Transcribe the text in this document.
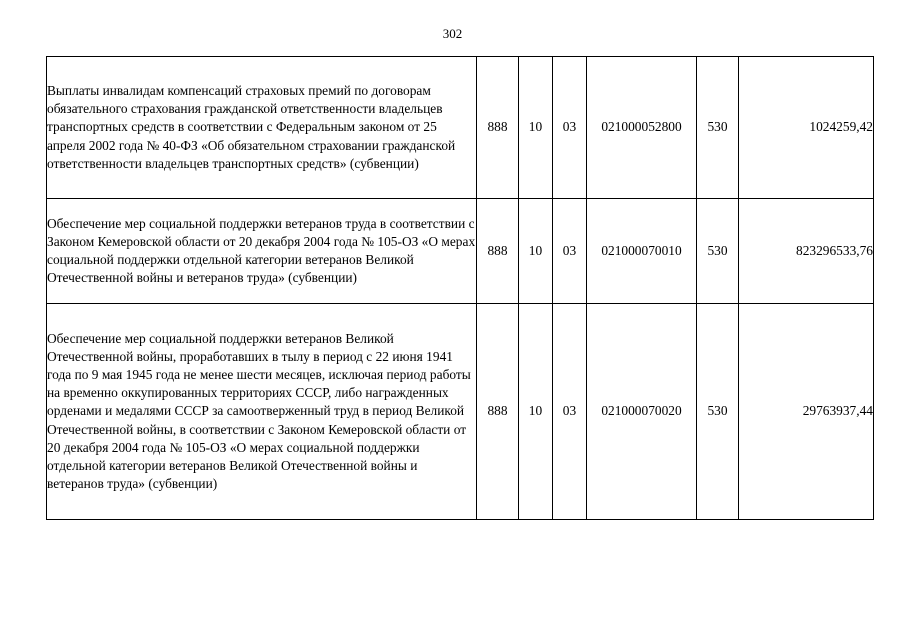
302
Выплаты инвалидам компенсаций страховых премий по договорам обязательного страхования гражданской ответственности владельцев транспортных средств в соответствии с Федеральным законом от 25 апреля 2002 года № 40-ФЗ «Об обязательном страховании гражданской ответственности владельцев транспортных средств» (субвенции)	888	10	03	021000052800	530	1024259,42
Обеспечение мер социальной поддержки ветеранов труда в соответствии с Законом Кемеровской области от 20 декабря 2004 года № 105-ОЗ «О мерах социальной поддержки отдельной категории ветеранов Великой Отечественной войны и ветеранов труда» (субвенции)	888	10	03	021000070010	530	823296533,76
Обеспечение мер социальной поддержки ветеранов Великой Отечественной войны, проработавших в тылу в период с 22 июня 1941 года по 9 мая 1945 года не менее шести месяцев, исключая период работы на временно оккупированных территориях СССР, либо награжденных орденами и медалями СССР за самоотверженный труд в период Великой Отечественной войны, в соответствии с Законом Кемеровской области от 20 декабря 2004 года № 105-ОЗ «О мерах социальной поддержки отдельной категории ветеранов Великой Отечественной войны и ветеранов труда» (субвенции)	888	10	03	021000070020	530	29763937,44
